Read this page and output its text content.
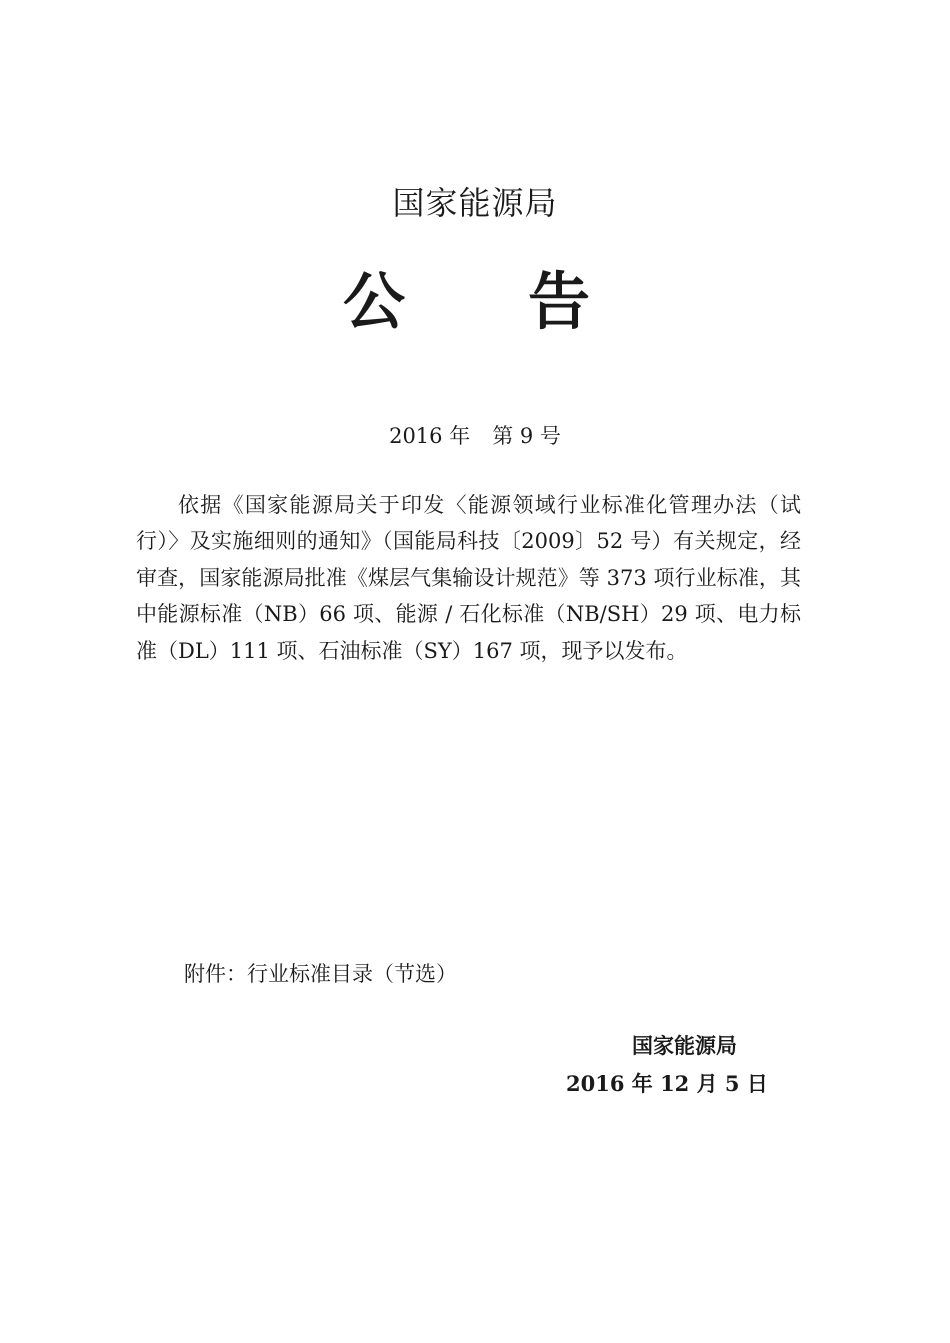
国家能源局
公 告
2016 年 第 9 号

依据《国家能源局关于印发〈能源领域行业标准化管理办法（试行）〉及实施细则的通知》（国能局科技〔2009〕52 号）有关规定，经审查，国家能源局批准《煤层气集输设计规范》等 373 项行业标准，其中能源标准（NB）66 项、能源 / 石化标准（NB/SH）29 项、电力标准（DL）111 项、石油标准（SY）167 项，现予以发布。

附件：行业标准目录（节选）
国家能源局
2016 年 12 月 5 日
